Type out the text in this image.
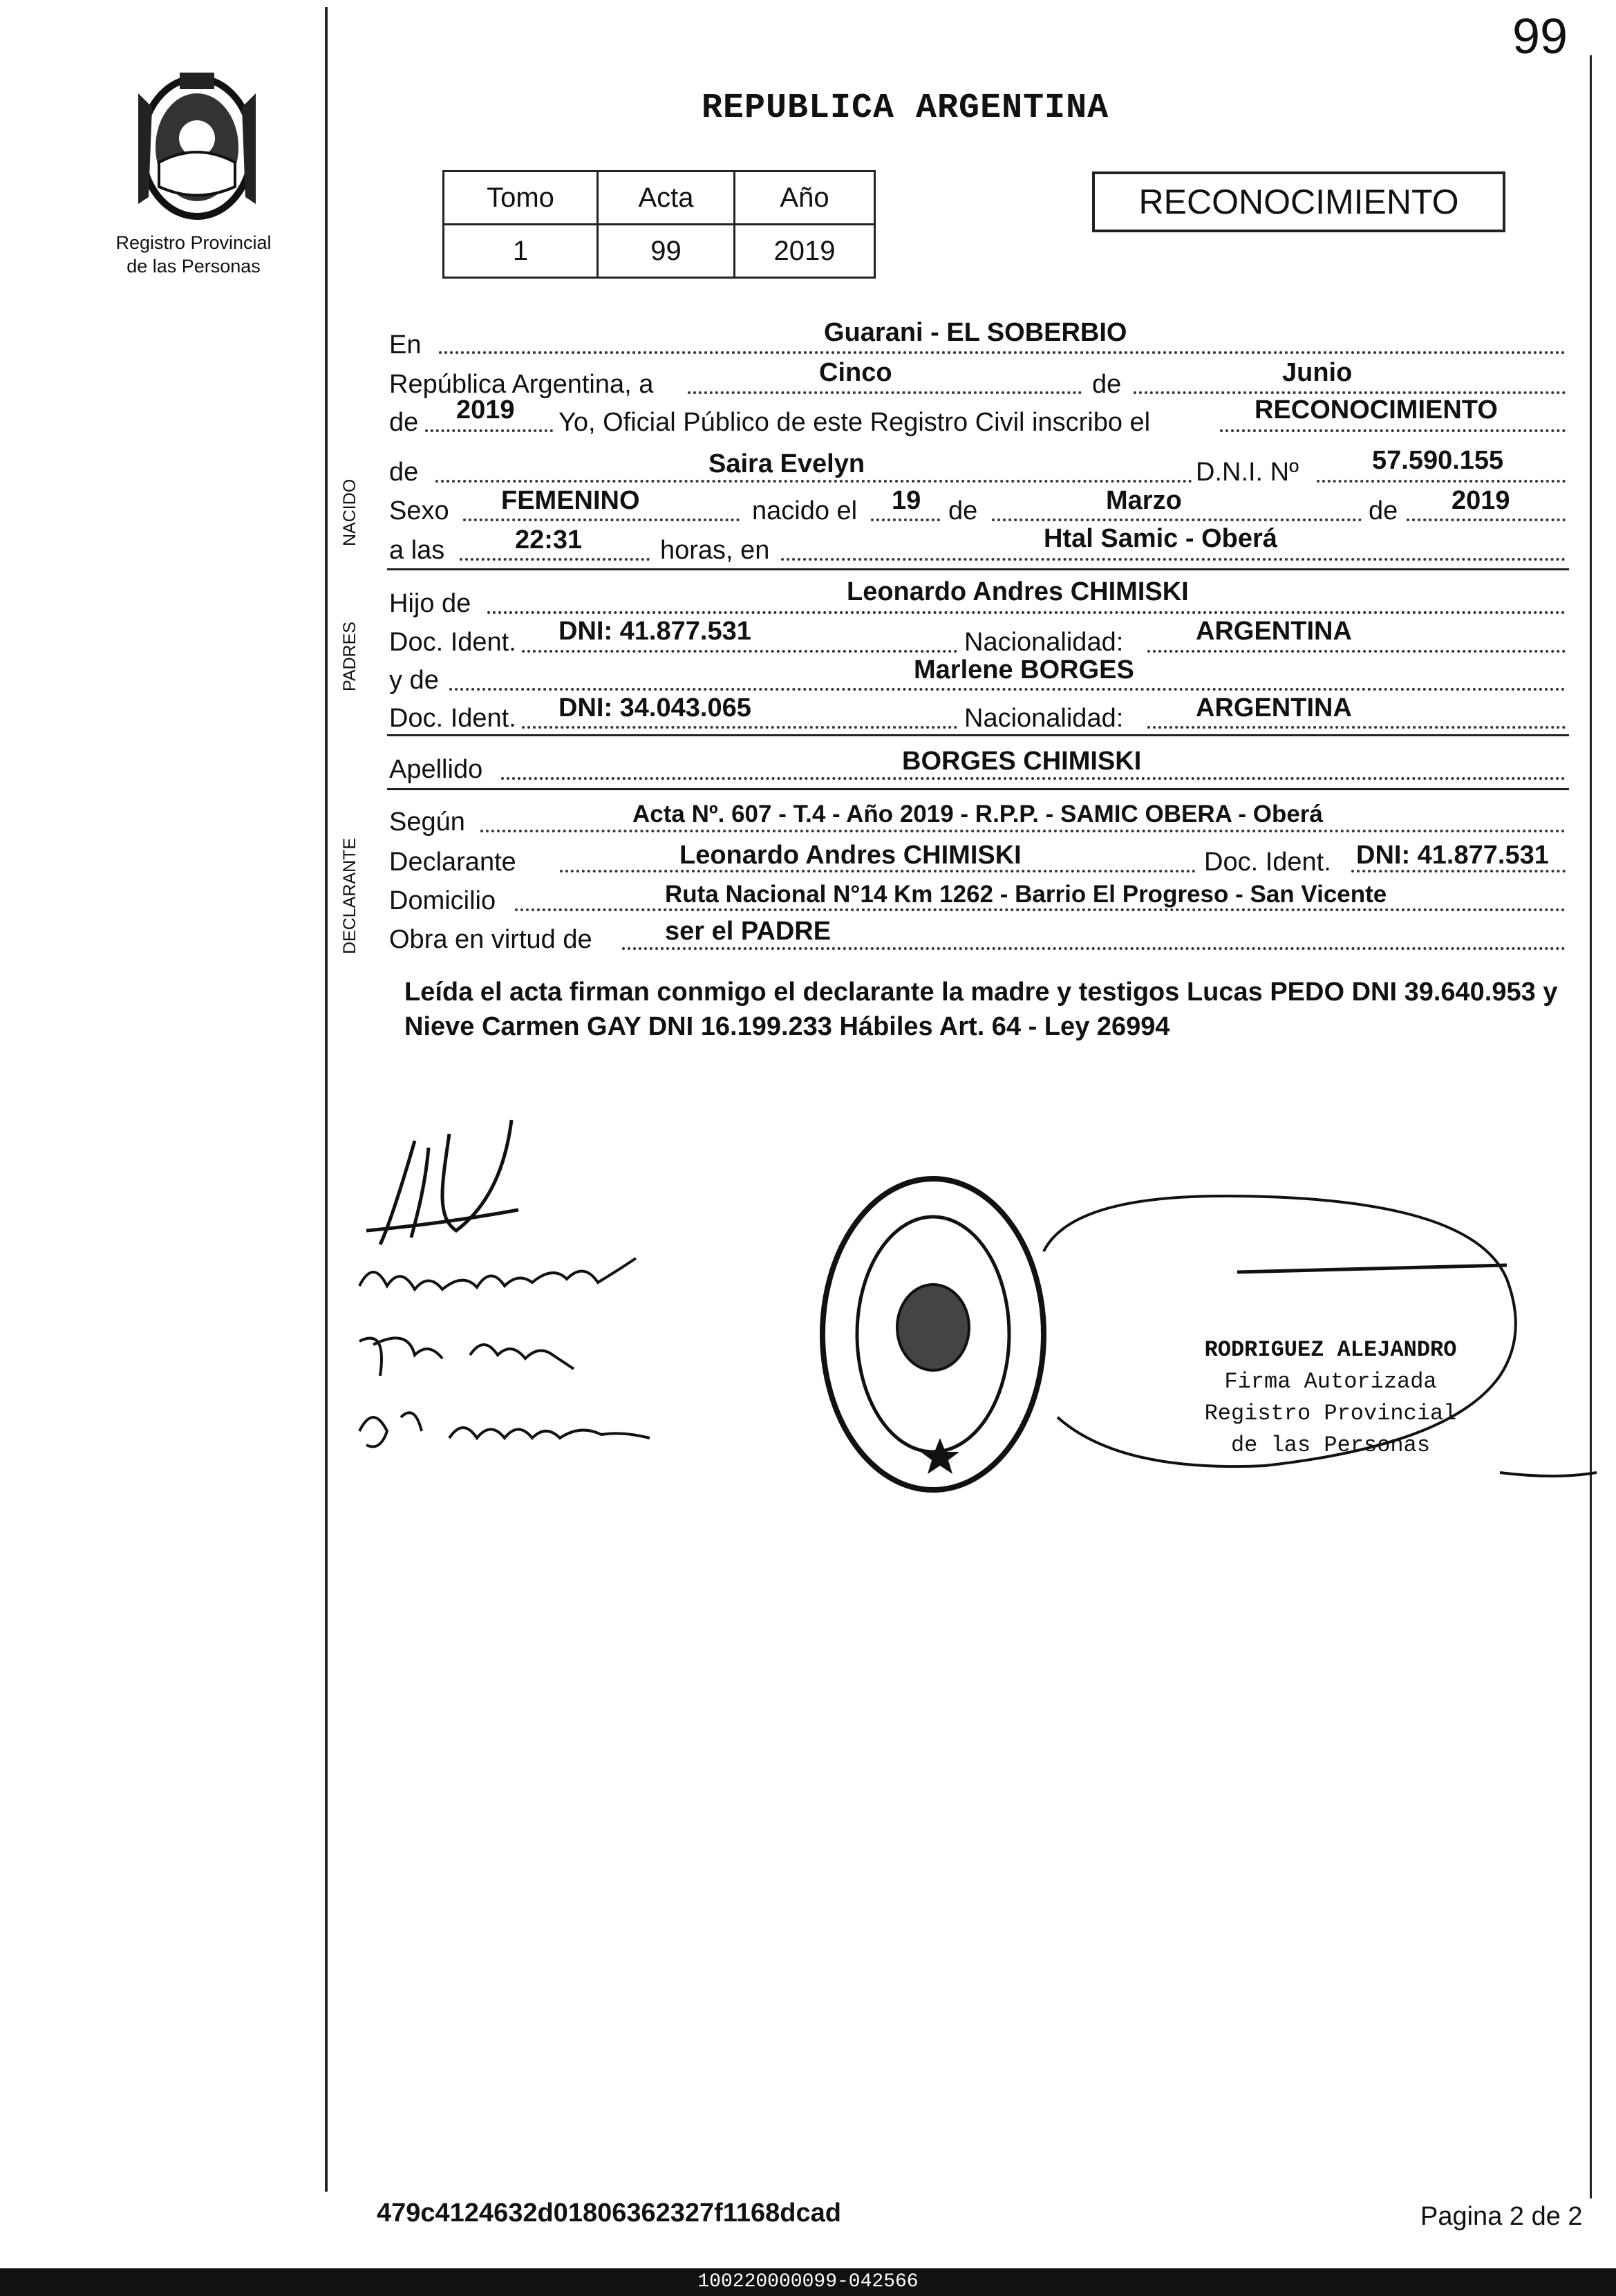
99
Registro Provincial
de las Personas
REPUBLICA ARGENTINA
Tomo	Acta	Año
1	99	2019
RECONOCIMIENTO
En	Guarani - EL SOBERBIO
República Argentina, a	Cinco	de	Junio
de 2019 Yo, Oficial Público de este Registro Civil inscribo el	RECONOCIMIENTO
NACIDO
de	Saira Evelyn	D.N.I. Nº	57.590.155
Sexo FEMENINO	nacido el 19 de	Marzo	de 2019
a las	22:31	horas, en	Htal Samic - Oberá
PADRES
Hijo de	Leonardo Andres CHIMISKI
Doc. Ident. DNI: 41.877.531	Nacionalidad:	ARGENTINA
y de	Marlene BORGES
Doc. Ident. DNI: 34.043.065	Nacionalidad:	ARGENTINA
Apellido	BORGES CHIMISKI
DECLARANTE
Según	Acta Nº. 607 - T.4 - Año 2019 - R.P.P. - SAMIC OBERA - Oberá
Declarante	Leonardo Andres CHIMISKI	Doc. Ident. DNI: 41.877.531
Domicilio	Ruta Nacional N°14 Km 1262 - Barrio El Progreso - San Vicente
Obra en virtud de	ser el PADRE
Leída el acta firman conmigo el declarante la madre y testigos Lucas PEDO DNI 39.640.953 y Nieve Carmen GAY DNI 16.199.233 Hábiles Art. 64 - Ley 26994
RODRIGUEZ ALEJANDRO
Firma Autorizada
Registro Provincial
de las Personas
479c4124632d01806362327f1168dcad	Pagina 2 de 2
100220000099-042566
